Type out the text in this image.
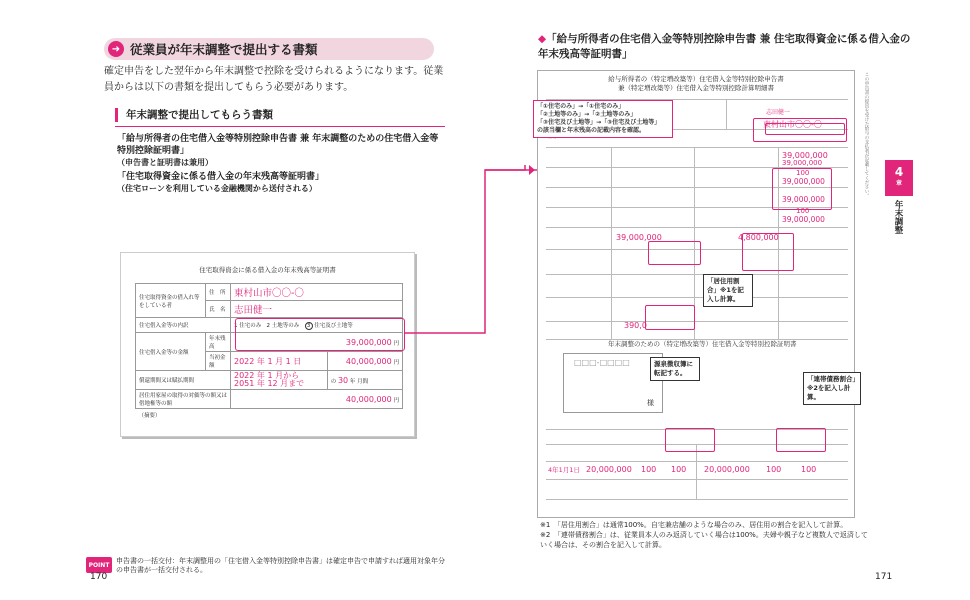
➜ 従業員が年末調整で提出する書類
確定申告をした翌年から年末調整で控除を受けられるようになります。従業員からは以下の書類を提出してもらう必要があります。
年末調整で提出してもらう書類
「給与所得者の住宅借入金等特別控除申告書 兼 年末調整のための住宅借入金等特別控除証明書」
（申告書と証明書は兼用）
「住宅取得資金に係る借入金の年末残高等証明書」
（住宅ローンを利用している金融機関から送付される）
住宅取得資金に係る借入金の年末残高等証明書
住宅取得資金の借入れ等をしている者	住　所	東村山市〇〇-〇	
	氏　名	志田健一	
住宅借入金等の内訳		1 住宅のみ 2 土地等のみ 3 住宅及び土地等	
住宅借入金等の金額	年末残高	39,000,000 円	
	当初金額	2022 年 1 月 1 日	40,000,000 円
償還期間又は賦払期間		2022 年 1 月から
2051 年 12 月まで	の 30 年 月間
居住用家屋の取得の対価等の額又は借地権等の額		40,000,000 円	
（摘要）			
POINT 申告書の一括交付：年末調整用の「住宅借入金等特別控除申告書」は確定申告で申請すれば適用対象年分の申告書が一括交付される。
170
◆「給与所得者の住宅借入金等特別控除申告書 兼 住宅取得資金に係る借入金の年末残高等証明書」
給与所得者の（特定増改築等）住宅借入金等特別控除申告書
兼（特定増改築等）住宅借入金等特別控除計算明細書
志田健一
東村山市〇〇-〇
39,000,000
39,000,000
100
39,000,000
39,000,000
100
39,000,000
39,000,000	4,800,000
390,0
4年1月1日 20,000,000 100 100 20,000,000 100 100
年末調整のための（特定増改築等）住宅借入金等特別控除証明書
□□□-□□□□
様
「①住宅のみ」→「①住宅のみ」
「②土地等のみ」→「②土地等のみ」
「③住宅及び土地等」→「③住宅及び土地等」
の該当欄と年末残高の記載内容を確認。
「居住用割合」※1を記入し計算。
源泉徴収簿に転記する。
「連帯債務割合」※2を記入し計算。
この申告書の提出を受けた給与の支払者が記載してください。 4
章
年末調整
※1　「居住用割合」は通常100%。自宅兼店舗のような場合のみ、居住用の割合を記入して計算。
※2　「連帯債務割合」は、従業員本人のみ返済していく場合は100%。夫婦や親子など複数人で返済していく場合は、その割合を記入して計算。
171
